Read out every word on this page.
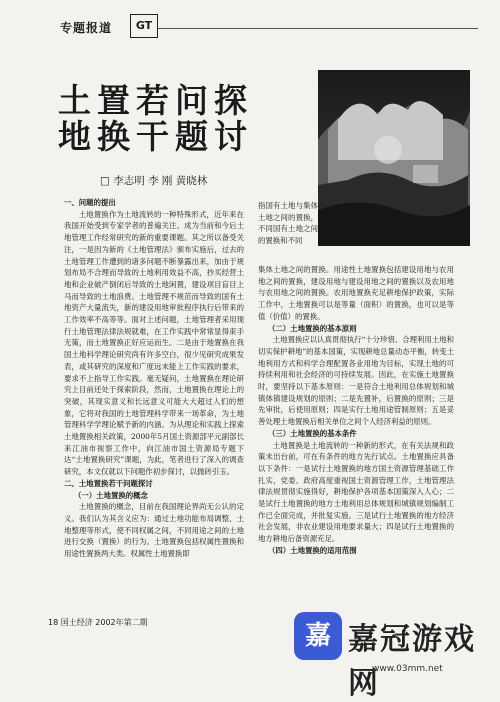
专题报道	GT
土置若问探
地换干题讨
□ 李志明 李 刚 黄晓林
一、问题的提出
土地置换作为土地流转的一种特殊形式，近年来在我国开始受到专家学者的普遍关注。成为当前和今后土地管理工作经常研究的新的重要课题。其之所以备受关注，一是因为新的《土地管理法》颁布实施后，过去的土地管理工作遭到的诸多问题不断暴露出来，加由于规划布局不合理而导致的土地利用效益不高，抄买经营土地和企业破产倒闭后导致的土地闲置，建设项目盲目上马而导致的土地浪费。土地管理不规范而导致的国有土地资产大量流失，新的建设用地审批程序执行后带来的工作效率不高等等。面对上述问题，土地管理者采用现行土地管理法律法规就难，在工作实践中常常显得束手无策，而土地置换正好应运而生。二是由于地置换在我国土地科学理论研究尚有许多空白，很少见研究成果发表，或其研究的深度和广度远未能上工作实践的要求，要求不上指导工作实践。毫无疑问，土地置换在理论研究上目前还处于探索阶段，然而，土地置换在理论上的突破，其现实意义和长远意义可能大大超过人们的想象，它将对我国的土地管理科学带来一场革命，为土地管理科学学理论赋予新的内涵。为从理论和实践上探索土地置换相关政策，2000年5月国土资源部平元副部长来江油市视察工作中，向江油市国土资源局专题下达“土地置换研究”课题，为此，笔者进行了深入的调查研究，本文仅就以下问题作初步探讨，以抛砖引玉。
二、土地置换若干问题探讨
（一）土地置换的概念
土地置换的概念，目前在我国理论界尚无公认的定义。我们认为其含义应为：通过土地功能布局调整，土地整理等形式，使不同权属之间，不同用途之间的土地进行交换（置换）的行为。土地置换包括权属性置换和用途性置换两大类。权属性土地置换即
指国有土地与集体土地之间的置换，不同国有土地之间的置换和不同
集体土地之间的置换。用途性土地置换包括建设用地与农用地之间的置换，建设用地与建设用地之间的置换以及农用地与农用地之间的置换。农用地置换充足耕地保护政策，实际工作中，土地置换可以是等量（面积）的置换，也可以是等值（价值）的置换。
（二）土地置换的基本原则
土地置换应以认真贯彻执行“十分珍惜、合理利用土地和切实保护耕地”的基本国策，实现耕地总量动态平衡，转变土地利用方式和科学合理配置各业用地为目标，实现土地的可持续利用和社会经济的可持续发展。因此，在实施土地置换时，要坚持以下基本原则：一是符合土地利用总体规划和城镇体镇建设规划的原则；二是先置补，后置换的原则；三是先审批，后使用原则；四是实行土地用途管制原则；五是妥善处理土地置换后相关单位之间个人经济利益的原则。
（三）土地置换的基本条件
土地置换是土地流转的一种新的形式，在有关法规和政策未出台前，可在有条件的地方先行试点。土地置换应具备以下条件：一是试行土地置换的地方国土资源管理基础工作扎实，党委、政府高度重视国土资源管理工作，土地管理法律法规贯彻实施得好，耕地保护各项基本国策深入人心；二是试行土地置换的地方土地利用总体规划和城镇规划编制工作已全面完成，并批复实施。三是试行土地置换的地方经济社会发展，非农业建设用地要求量大；四是试行土地置换的地方耕地后备资源充足。
（四）土地置换的适用范围
18 国土经济 2002年第二期	嘉 嘉冠游戏网
www.03mm.net
